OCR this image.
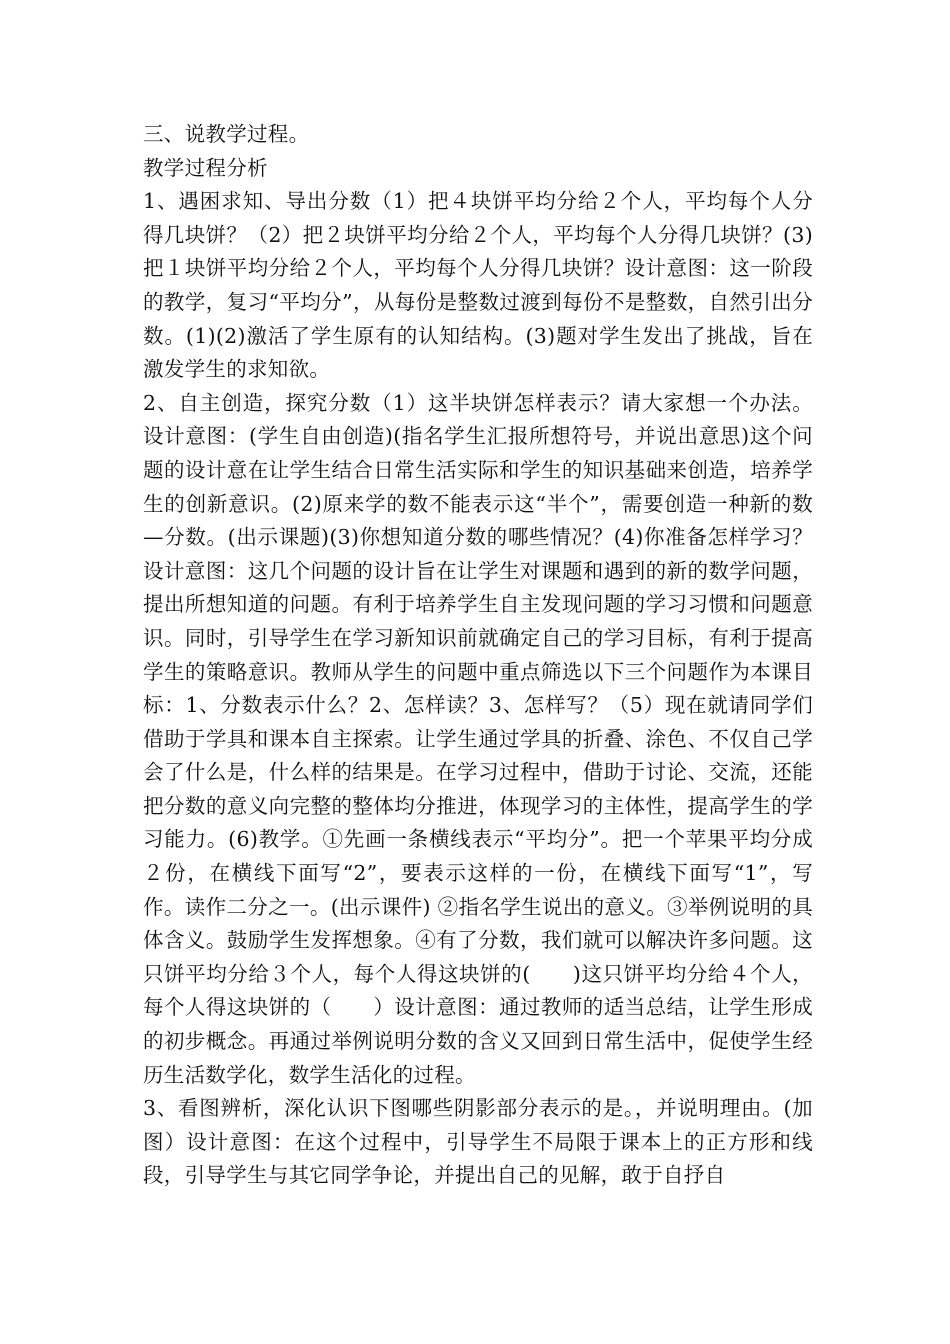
三、说教学过程。

教学过程分析

1、遇困求知、导出分数（1）把４块饼平均分给２个人，平均每个人分得几块饼？（2）把２块饼平均分给２个人，平均每个人分得几块饼？(3)把１块饼平均分给２个人，平均每个人分得几块饼？设计意图：这一阶段的教学，复习“平均分”，从每份是整数过渡到每份不是整数，自然引出分数。(1)(2)激活了学生原有的认知结构。(3)题对学生发出了挑战，旨在激发学生的求知欲。

2、自主创造，探究分数（1）这半块饼怎样表示？请大家想一个办法。设计意图：(学生自由创造)(指名学生汇报所想符号，并说出意思)这个问题的设计意在让学生结合日常生活实际和学生的知识基础来创造，培养学生的创新意识。(2)原来学的数不能表示这“半个”，需要创造一种新的数—分数。(出示课题)(3)你想知道分数的哪些情况？(4)你准备怎样学习？设计意图：这几个问题的设计旨在让学生对课题和遇到的新的数学问题，提出所想知道的问题。有利于培养学生自主发现问题的学习习惯和问题意识。同时，引导学生在学习新知识前就确定自己的学习目标，有利于提高学生的策略意识。教师从学生的问题中重点筛选以下三个问题作为本课目标：1、分数表示什么？2、怎样读？3、怎样写？（5）现在就请同学们借助于学具和课本自主探索。让学生通过学具的折叠、涂色、不仅自己学会了什么是，什么样的结果是。在学习过程中，借助于讨论、交流，还能把分数的意义向完整的整体均分推进，体现学习的主体性，提高学生的学习能力。(6)教学。①先画一条横线表示“平均分”。把一个苹果平均分成２份，在横线下面写“2”，要表示这样的一份，在横线下面写“1”，写作。读作二分之一。(出示课件) ②指名学生说出的意义。③举例说明的具体含义。鼓励学生发挥想象。④有了分数，我们就可以解决许多问题。这只饼平均分给３个人，每个人得这块饼的(　　)这只饼平均分给４个人，每个人得这块饼的（　　）设计意图：通过教师的适当总结，让学生形成的初步概念。再通过举例说明分数的含义又回到日常生活中，促使学生经历生活数学化，数学生活化的过程。

3、看图辨析，深化认识下图哪些阴影部分表示的是。，并说明理由。(加图）设计意图：在这个过程中，引导学生不局限于课本上的正方形和线段，引导学生与其它同学争论，并提出自己的见解，敢于自抒自
